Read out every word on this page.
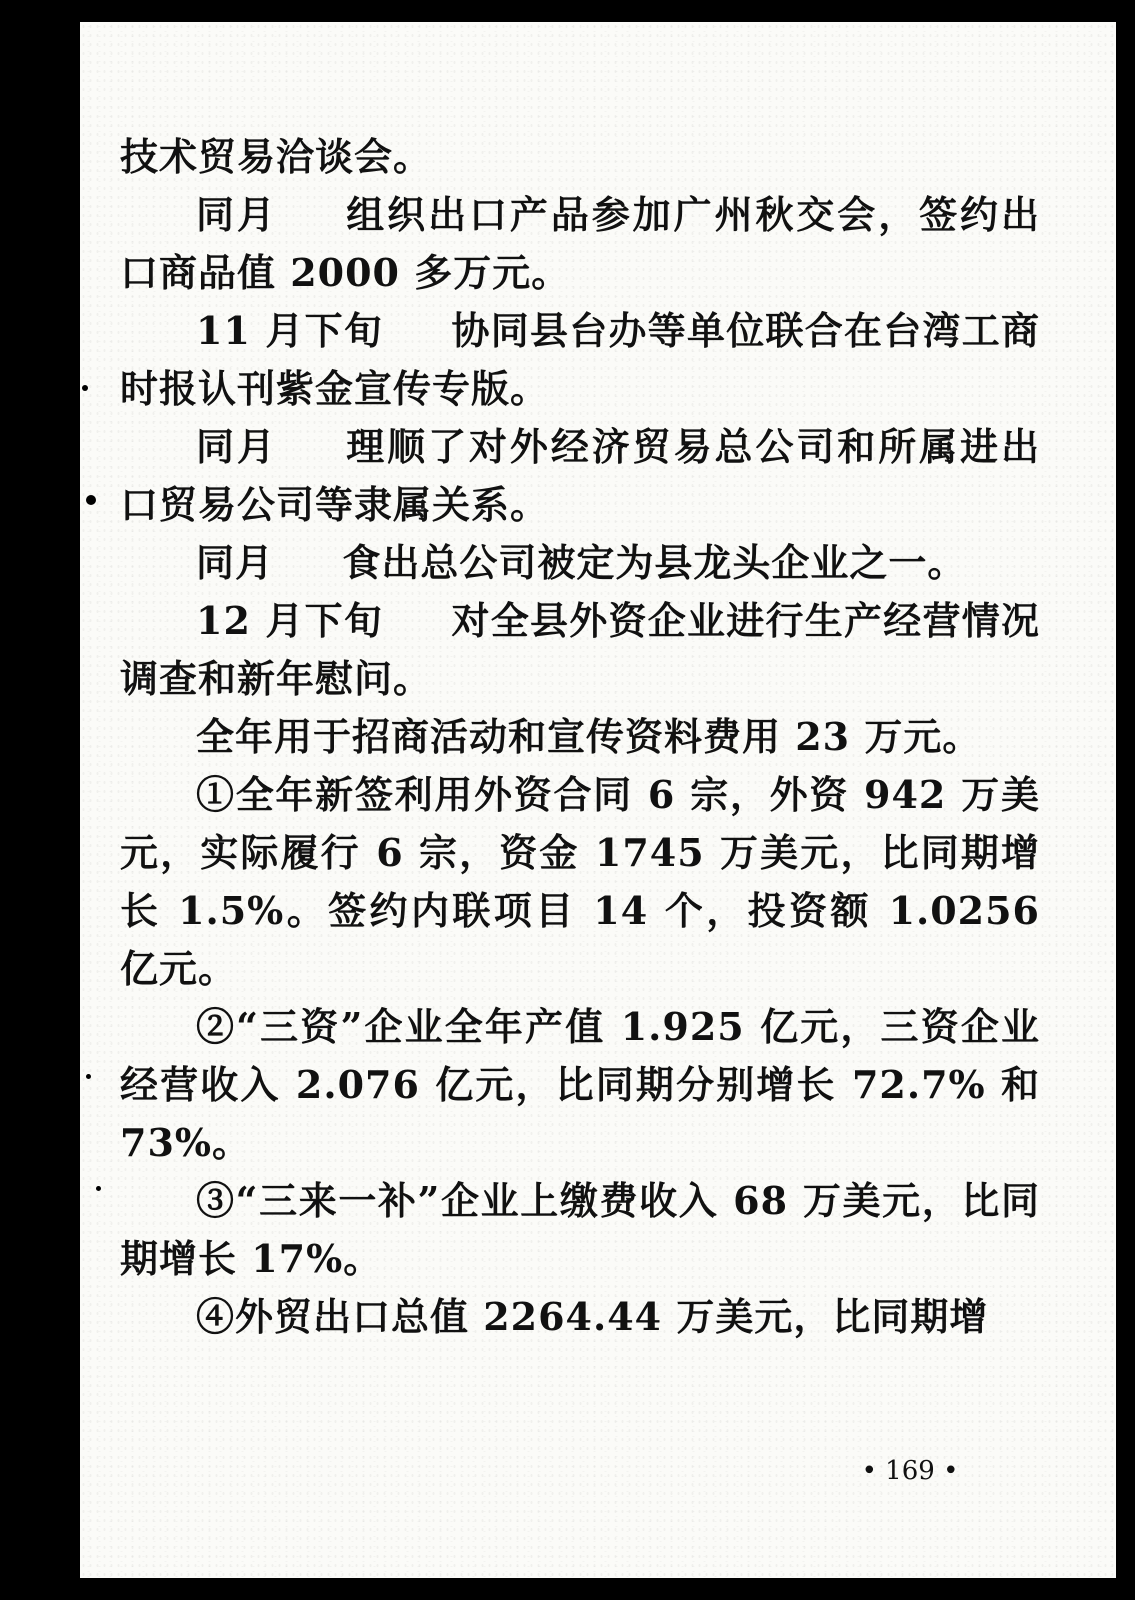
技术贸易洽谈会。

同月 组织出口产品参加广州秋交会，签约出口商品值 2000 多万元。

11 月下旬 协同县台办等单位联合在台湾工商时报认刊紫金宣传专版。

同月 理顺了对外经济贸易总公司和所属进出口贸易公司等隶属关系。

同月 食出总公司被定为县龙头企业之一。

12 月下旬 对全县外资企业进行生产经营情况调查和新年慰问。

全年用于招商活动和宣传资料费用 23 万元。

①全年新签利用外资合同 6 宗，外资 942 万美元，实际履行 6 宗，资金 1745 万美元，比同期增长 1.5%。签约内联项目 14 个，投资额 1.0256 亿元。

②“三资”企业全年产值 1.925 亿元，三资企业经营收入 2.076 亿元，比同期分别增长 72.7% 和 73%。

③“三来一补”企业上缴费收入 68 万美元，比同期增长 17%。

④外贸出口总值 2264.44 万美元，比同期增

• 169 •
